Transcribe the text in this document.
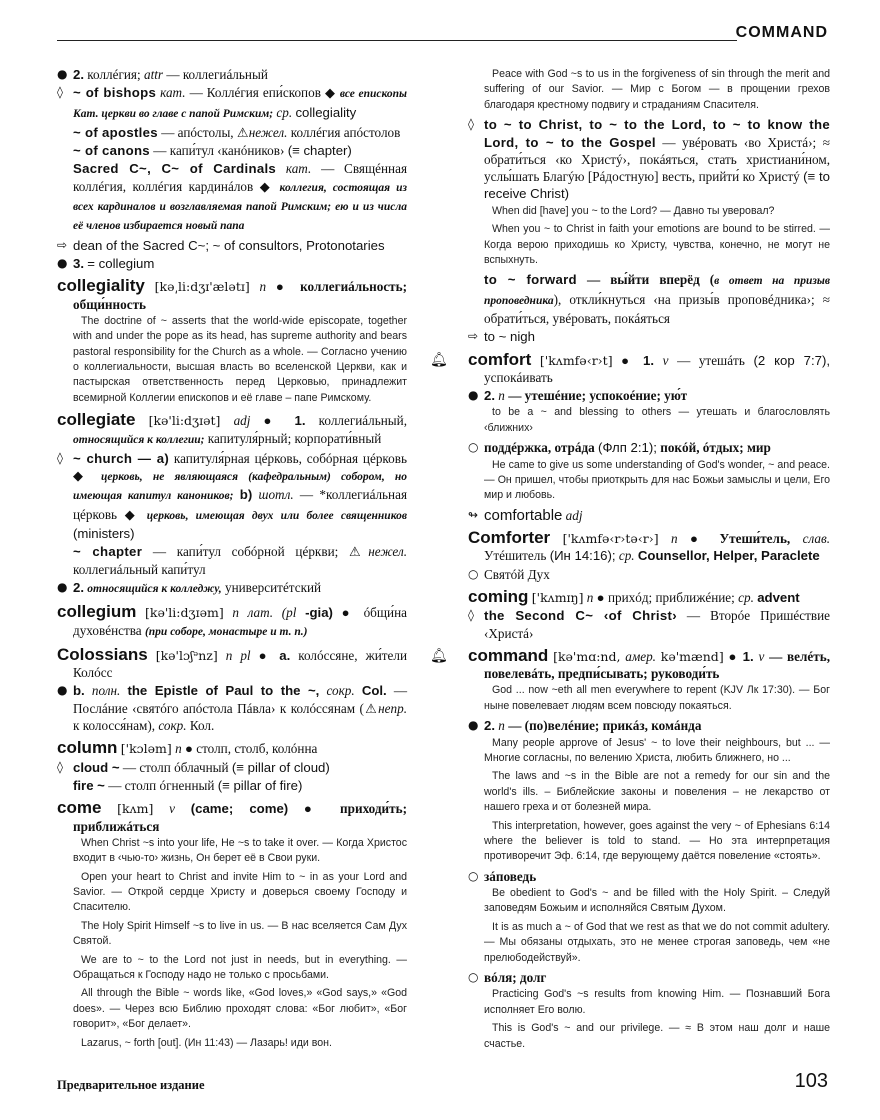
COMMAND

● 2. коллéгия; attr — коллегиáльный

◊ ~ of bishops кат. — Коллéгия епи́скопов ◆ все епископы Кат. церкви во главе с папой Римским; ср. collegiality

~ of apostles — апóстолы, ⚠нежел. коллéгия апóстолов

~ of canons — капи́тул ‹канóников› (≡ chapter)

Sacred C~, C~ of Cardinals кат. — Свящéнная коллéгия, коллéгия кардинáлов ◆ коллегия, состоящая из всех кардиналов и возглавляемая папой Римским; ею и из числа её членов избирается новый папа

⇨ dean of the Sacred C~; ~ of consultors, Protonotaries

● 3. = collegium

collegiality [kə͵li:dʒɪ'ælətɪ] n ● коллегиáльность; общи́нность

The doctrine of ~ asserts that the world-wide episcopate, together with and under the pope as its head, has supreme authority and bears pastoral responsibility for the Church as a whole. — Согласно учению о коллегиальности, высшая власть во вселенской Церкви, как и пастырская ответственность перед Церковью, принадлежит всемирной Коллегии епископов и её главе – папе Римскому.

collegiate [kə'li:dʒɪət] adj ● 1. коллегиáльный, относящийся к коллегии; капитуля́рный; корпорати́вный

◊ ~ church — a) капитуля́рная цéрковь, собóрная цéрковь ◆ церковь, не являющаяся (кафедральным) собором, но имеющая капитул каноников; b) шотл. — *коллегиáльная цéрковь ◆ церковь, имеющая двух или более священников (ministers)

~ chapter — капи́тул собóрной цéркви; ⚠нежел. коллегиáльный капи́тул

● 2. относящийся к колледжу, университéтский

collegium [kə'li:dʒɪəm] n лат. (pl -gia) ● óбщи́на духовéнства (при соборе, монастыре и т. п.)

Colossians [kə'lɔʃᵊnz] n pl ● a. колóссяне, жи́тели Колóсс

● b. полн. the Epistle of Paul to the ~, сокр. Col. — Послáние ‹святóго апóстола Пáвла› к колóссянам (⚠непр. к колосся́нам), сокр. Кол.

column ['kɔləm] n ● столп, столб, колóнна

◊ cloud ~ — столп óблачный (≡ pillar of cloud)

fire ~ — столп óгненный (≡ pillar of fire)

come [kʌm] v (came; come) ● приходи́ть; приближáться

When Christ ~s into your life, He ~s to take it over. — Когда Христос входит в ‹чью-то› жизнь, Он берет её в Свои руки.

Open your heart to Christ and invite Him to ~ in as your Lord and Savior. — Открой сердце Христу и доверься своему Господу и Спасителю.

The Holy Spirit Himself ~s to live in us. — В нас вселяется Сам Дух Святой.

We are to ~ to the Lord not just in needs, but in everything. — Обращаться к Господу надо не только с просьбами.

All through the Bible ~ words like, «God loves,» «God says,» «God does». — Через всю Библию проходят слова: «Бог любит», «Бог говорит», «Бог делает».

Lazarus, ~ forth [out]. (Ин 11:43) — Лазарь! иди вон.

Peace with God ~s to us in the forgiveness of sin through the merit and suffering of our Savior. — Мир с Богом — в прощении грехов благодаря крестному подвигу и страданиям Спасителя.

◊ to ~ to Christ, to ~ to the Lord, to ~ to know the Lord, to ~ to the Gospel — увéровать ‹во Христá›; ≈ обрати́ться ‹ко Христý›, покáяться, стать христиани́ном, услы́шать Благýю [Рáдостную] весть, прийти́ ко Христý (≡ to receive Christ)

When did [have] you ~ to the Lord? — Давно ты уверовал?

When you ~ to Christ in faith your emotions are bound to be stirred. — Когда верою приходишь ко Христу, чувства, конечно, не могут не вспыхнуть.

to ~ forward — вы́йти вперёд (в ответ на призыв проповедника), откли́кнуться ‹на призы́в проповéдника›; ≈ обрати́ться, увéровать, покáяться

⇨ to ~ nigh

🔔︎ comfort ['kʌmfə‹r›t] ● 1. v — утешáть (2 кор 7:7), успокáивать

● 2. n — утешéние; успокоéние; ую́т

to be a ~ and blessing to others — утешать и благословлять ‹ближних›

○ поддéржка, отрáда (Флп 2:1); покóй, óтдых; мир

He came to give us some understanding of God's wonder, ~ and peace. — Он пришел, чтобы приоткрыть для нас Божьи замыслы и цели, Его мир и любовь.

↬ comfortable adj

Comforter ['kʌmfə‹r›tə‹r›] n ● Утеши́тель, слав. Утéшитель (Ин 14:16); ср. Counsellor, Helper, Paraclete

○ Святóй Дух

coming ['kʌmɪŋ] n ● прихóд; приближéние; ср. advent

◊ the Second C~ ‹of Christ› — Вторóе Пришéствие ‹Христá›

🔔︎ command [kə'mɑ:nd, амер. kə'mænd] ● 1. v — велéть, повелевáть, предпи́сывать; руководи́ть

God ... now ~eth all men everywhere to repent (KJV Лк 17:30). — Бог ныне повелевает людям всем повсюду покаяться.

● 2. n — (по)велéние; прикáз, комáнда

Many people approve of Jesus' ~ to love their neighbours, but ... — Многие согласны, по велению Христа, любить ближнего, но ...

The laws and ~s in the Bible are not a remedy for our sin and the world's ills. – Библейские законы и повеления – не лекарство от нашего греха и от болезней мира.

This interpretation, however, goes against the very ~ of Ephesians 6:14 where the believer is told to stand. — Но эта интерпретация противоречит Эф. 6:14, где верующему даётся повеление «стоять».

○ зáповедь

Be obedient to God's ~ and be filled with the Holy Spirit. – Следуй заповедям Божьим и исполняйся Святым Духом.

It is as much a ~ of God that we rest as that we do not commit adultery. — Мы обязаны отдыхать, это не менее строгая заповедь, чем «не прелюбодействуй».

○ вóля; долг

Practicing God's ~s results from knowing Him. — Познавший Бога исполняет Его волю.

This is God's ~ and our privilege. — ≈ В этом наш долг и наше счастье.

Предварительное издание	103
